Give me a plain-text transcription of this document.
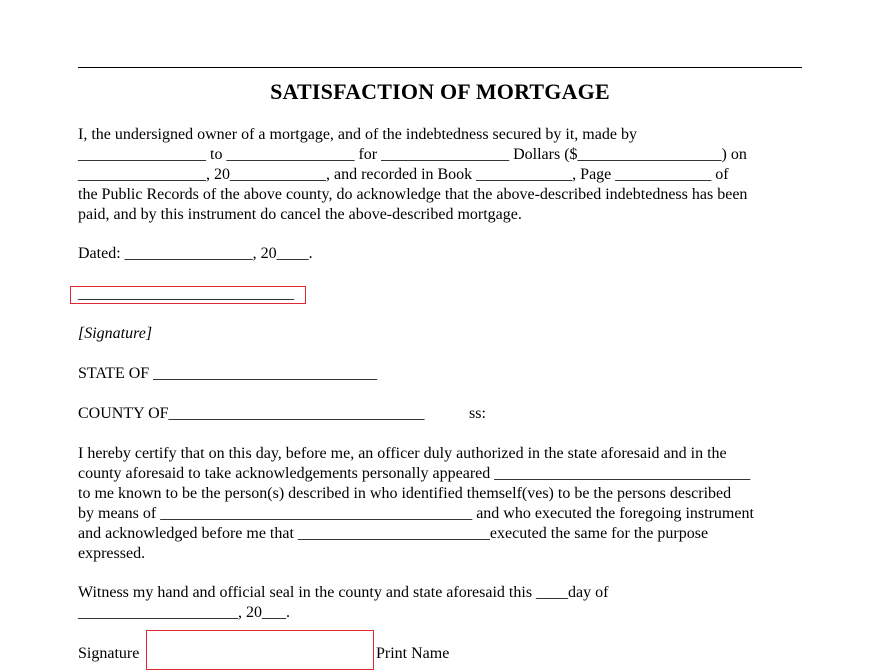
SATISFACTION OF MORTGAGE
I, the undersigned owner of a mortgage, and of the indebtedness secured by it, made by
________________ to ________________ for ________________ Dollars ($__________________) on
________________, 20____________, and recorded in Book ____________, Page ____________ of
the Public Records of the above county, do acknowledge that the above-described indebtedness has been
paid, and by this instrument do cancel the above-described mortgage.
Dated: ________________, 20____.
___________________________
[Signature]
STATE OF ____________________________
COUNTY OF________________________________	ss:
I hereby certify that on this day, before me, an officer duly authorized in the state aforesaid and in the
county aforesaid to take acknowledgements personally appeared ________________________________
to me known to be the person(s) described in who identified themself(ves) to be the persons described
by means of _______________________________________ and who executed the foregoing instrument
and acknowledged before me that ________________________executed the same for the purpose
expressed.
Witness my hand and official seal in the county and state aforesaid this ____day of
____________________, 20___.
Signature	Print Name
